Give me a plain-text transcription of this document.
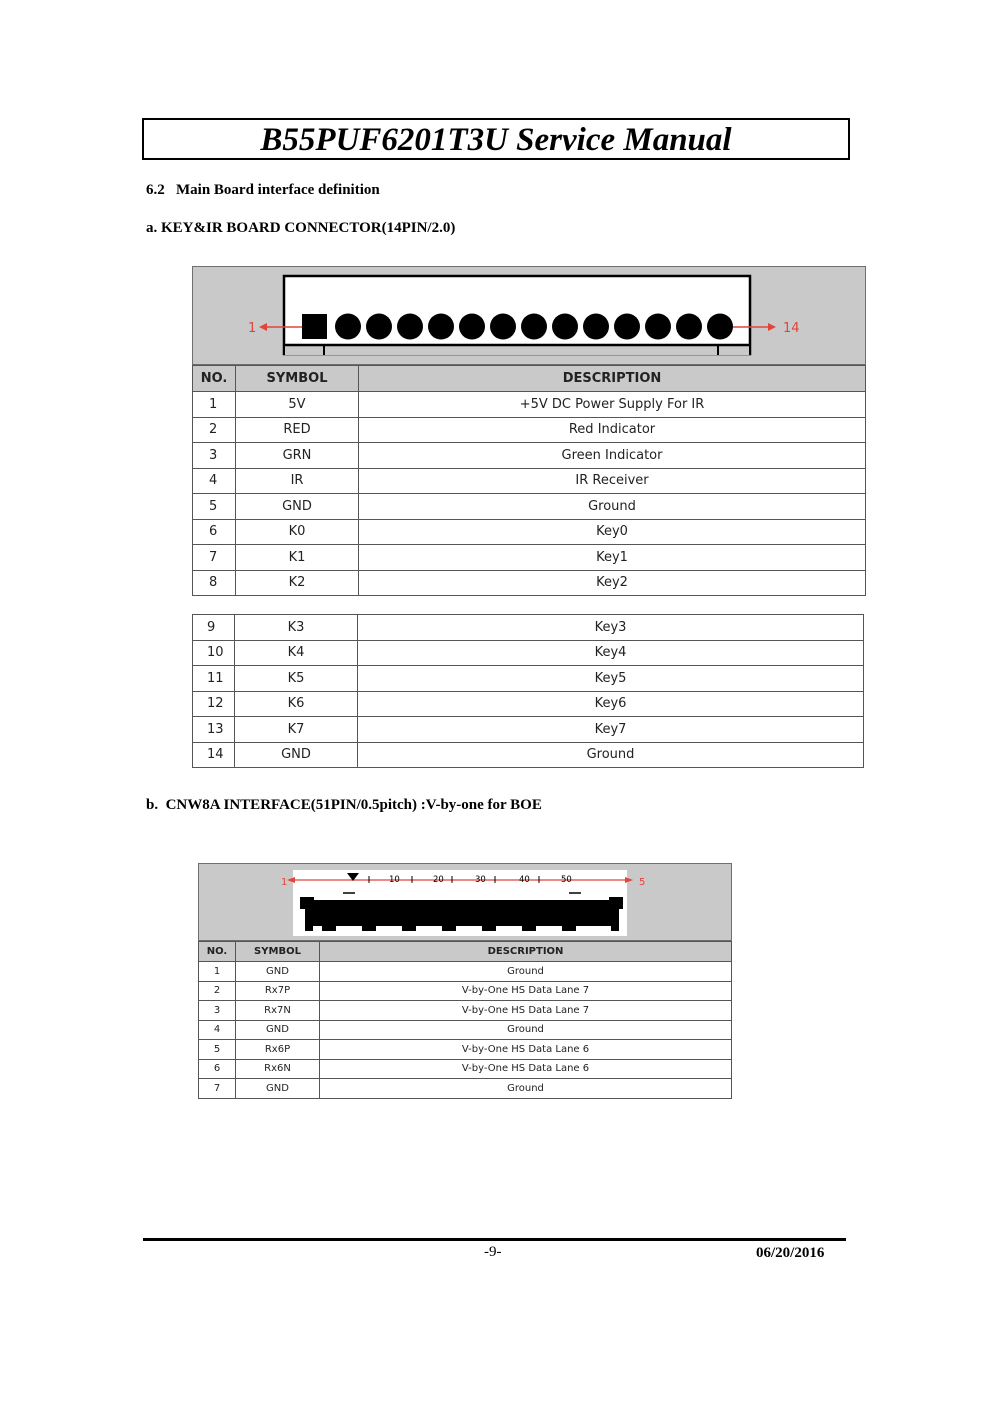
B55PUF6201T3U Service Manual
6.2 Main Board interface definition
a. KEY&IR BOARD CONNECTOR(14PIN/2.0)
1	14
NO.	SYMBOL	DESCRIPTION
1	5V	+5V DC Power Supply For IR
2	RED	Red Indicator
3	GRN	Green Indicator
4	IR	IR Receiver
5	GND	Ground
6	K0	Key0
7	K1	Key1
8	K2	Key2
9	K3	Key3
10	K4	Key4
11	K5	Key5
12	K6	Key6
13	K7	Key7
14	GND	Ground
b.  CNW8A INTERFACE(51PIN/0.5pitch) :V-by-one for BOE
10	20	30	40	50
1	5
NO.	SYMBOL	DESCRIPTION
1	GND	Ground
2	Rx7P	V-by-One HS Data Lane 7
3	Rx7N	V-by-One HS Data Lane 7
4	GND	Ground
5	Rx6P	V-by-One HS Data Lane 6
6	Rx6N	V-by-One HS Data Lane 6
7	GND	Ground
-9-	06/20/2016
